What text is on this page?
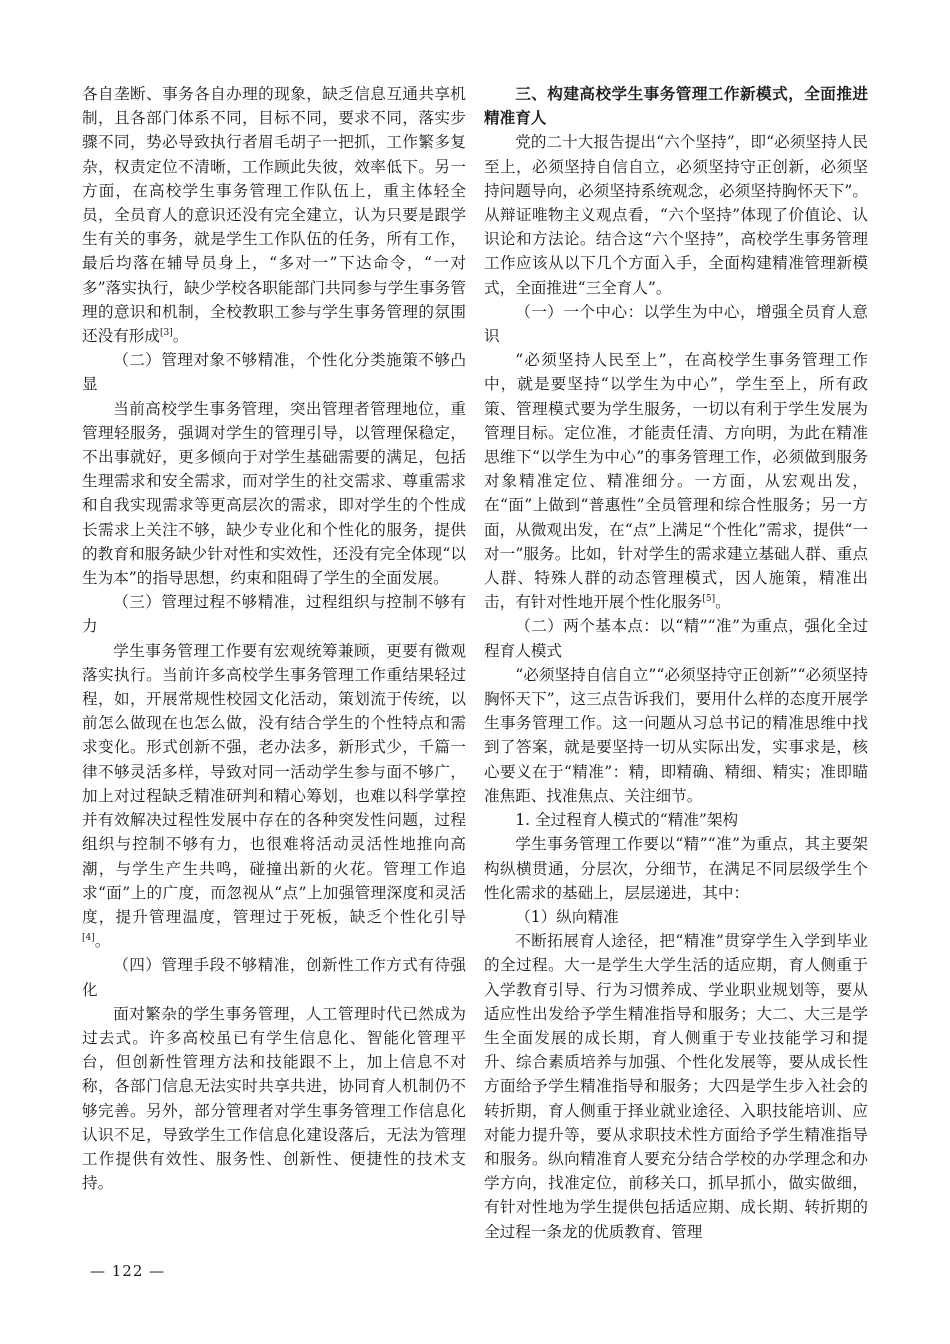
各自垄断、事务各自办理的现象，缺乏信息互通共享机制，且各部门体系不同，目标不同，要求不同，落实步骤不同，势必导致执行者眉毛胡子一把抓，工作繁多复杂，权责定位不清晰，工作顾此失彼，效率低下。另一方面，在高校学生事务管理工作队伍上，重主体轻全员，全员育人的意识还没有完全建立，认为只要是跟学生有关的事务，就是学生工作队伍的任务，所有工作，最后均落在辅导员身上，“多对一”下达命令，“一对多”落实执行，缺少学校各职能部门共同参与学生事务管理的意识和机制，全校教职工参与学生事务管理的氛围还没有形成[3]。

（二）管理对象不够精准，个性化分类施策不够凸显

当前高校学生事务管理，突出管理者管理地位，重管理轻服务，强调对学生的管理引导，以管理保稳定，不出事就好，更多倾向于对学生基础需要的满足，包括生理需求和安全需求，而对学生的社交需求、尊重需求和自我实现需求等更高层次的需求，即对学生的个性成长需求上关注不够，缺少专业化和个性化的服务，提供的教育和服务缺少针对性和实效性，还没有完全体现“以生为本”的指导思想，约束和阻碍了学生的全面发展。

（三）管理过程不够精准，过程组织与控制不够有力

学生事务管理工作要有宏观统筹兼顾，更要有微观落实执行。当前许多高校学生事务管理工作重结果轻过程，如，开展常规性校园文化活动，策划流于传统，以前怎么做现在也怎么做，没有结合学生的个性特点和需求变化。形式创新不强，老办法多，新形式少，千篇一律不够灵活多样，导致对同一活动学生参与面不够广，加上对过程缺乏精准研判和精心筹划，也难以科学掌控并有效解决过程性发展中存在的各种突发性问题，过程组织与控制不够有力，也很难将活动灵活性地推向高潮，与学生产生共鸣，碰撞出新的火花。管理工作追求“面”上的广度，而忽视从“点”上加强管理深度和灵活度，提升管理温度，管理过于死板，缺乏个性化引导[4]。

（四）管理手段不够精准，创新性工作方式有待强化

面对繁杂的学生事务管理，人工管理时代已然成为过去式。许多高校虽已有学生信息化、智能化管理平台，但创新性管理方法和技能跟不上，加上信息不对称，各部门信息无法实时共享共进，协同育人机制仍不够完善。另外，部分管理者对学生事务管理工作信息化认识不足，导致学生工作信息化建设落后，无法为管理工作提供有效性、服务性、创新性、便捷性的技术支持。

三、构建高校学生事务管理工作新模式，全面推进精准育人

党的二十大报告提出“六个坚持”，即“必须坚持人民至上，必须坚持自信自立，必须坚持守正创新，必须坚持问题导向，必须坚持系统观念，必须坚持胸怀天下”。从辩证唯物主义观点看，“六个坚持”体现了价值论、认识论和方法论。结合这“六个坚持”，高校学生事务管理工作应该从以下几个方面入手，全面构建精准管理新模式，全面推进“三全育人”。

（一）一个中心：以学生为中心，增强全员育人意识

“必须坚持人民至上”，在高校学生事务管理工作中，就是要坚持“以学生为中心”，学生至上，所有政策、管理模式要为学生服务，一切以有利于学生发展为管理目标。定位准，才能责任清、方向明，为此在精准思维下“以学生为中心”的事务管理工作，必须做到服务对象精准定位、精准细分。一方面，从宏观出发，在“面”上做到“普惠性”全员管理和综合性服务；另一方面，从微观出发，在“点”上满足“个性化”需求，提供“一对一”服务。比如，针对学生的需求建立基础人群、重点人群、特殊人群的动态管理模式，因人施策，精准出击，有针对性地开展个性化服务[5]。

（二）两个基本点：以“精”“准”为重点，强化全过程育人模式

“必须坚持自信自立”“必须坚持守正创新”“必须坚持胸怀天下”，这三点告诉我们，要用什么样的态度开展学生事务管理工作。这一问题从习总书记的精准思维中找到了答案，就是要坚持一切从实际出发，实事求是，核心要义在于“精准”：精，即精确、精细、精实；准即瞄准焦距、找准焦点、关注细节。

1. 全过程育人模式的“精准”架构

学生事务管理工作要以“精”“准”为重点，其主要架构纵横贯通，分层次，分细节，在满足不同层级学生个性化需求的基础上，层层递进，其中：

（1）纵向精准

不断拓展育人途径，把“精准”贯穿学生入学到毕业的全过程。大一是学生大学生活的适应期，育人侧重于入学教育引导、行为习惯养成、学业职业规划等，要从适应性出发给予学生精准指导和服务；大二、大三是学生全面发展的成长期，育人侧重于专业技能学习和提升、综合素质培养与加强、个性化发展等，要从成长性方面给予学生精准指导和服务；大四是学生步入社会的转折期，育人侧重于择业就业途径、入职技能培训、应对能力提升等，要从求职技术性方面给予学生精准指导和服务。纵向精准育人要充分结合学校的办学理念和办学方向，找准定位，前移关口，抓早抓小，做实做细，有针对性地为学生提供包括适应期、成长期、转折期的全过程一条龙的优质教育、管理

— 122 —
